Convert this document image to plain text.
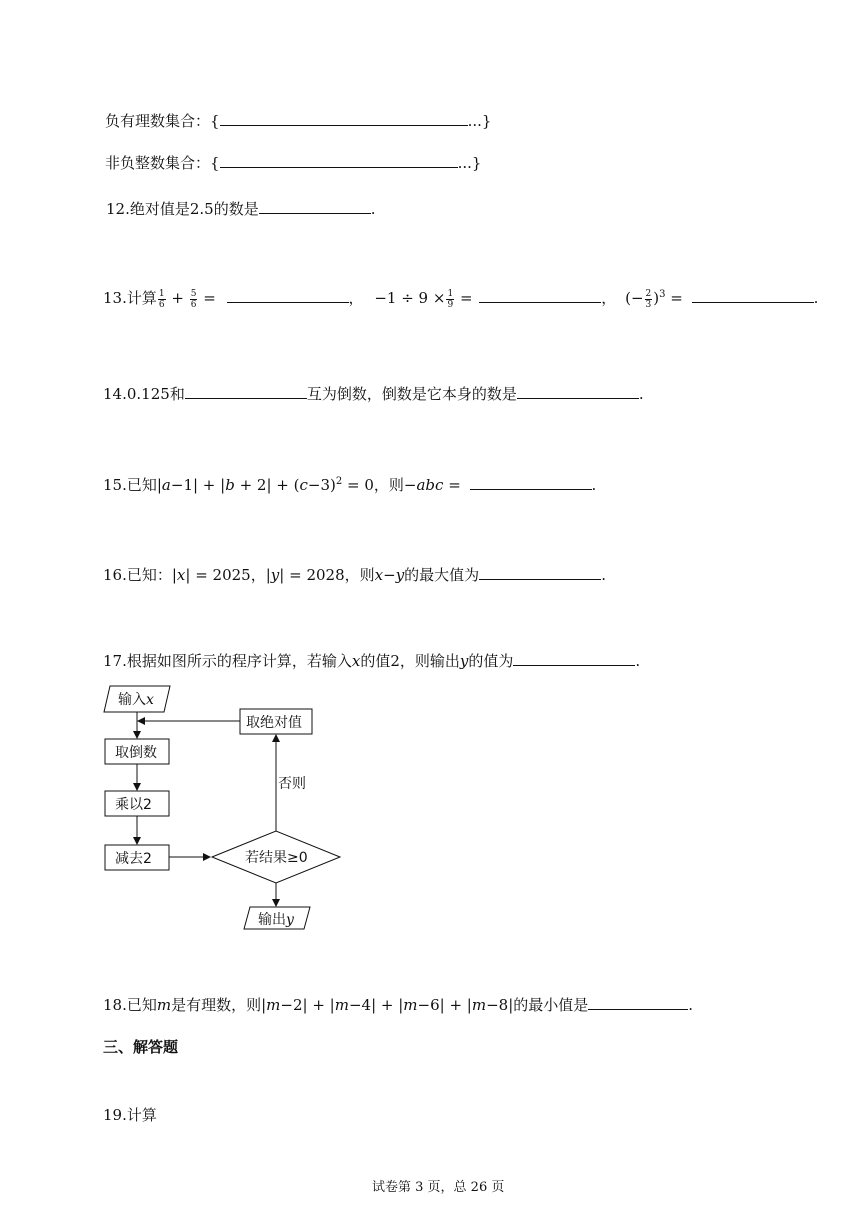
负有理数集合：{	...}
非负整数集合：{	...}
12.绝对值是2.5的数是	.
13.计算 $\frac{1}{6} + \frac{5}{6}$ =	， $-1 \div 9 \times \frac{1}{9}$ =	， (− $\frac{2}{3} )^3$ =	.
14.0.125和	互为倒数，倒数是它本身的数是	.
15.已知$|a-1| + |b + 2| + (c-3)^2 = 0$，则−abc =	.
16.已知：|x| = 2025，|y| = 2028，则x−y的最大值为	.
17.根据如图所示的程序计算，若输入x的值2，则输出y的值为	.
输入x
取倒数
乘以2
减去2	若结果≥0
输出y
否则
取绝对值
18.已知m是有理数，则|m−2| + |m−4| + |m−6| + |m−8|的最小值是	.
三、解答题
19.计算
试卷第 3 页，总 26 页
